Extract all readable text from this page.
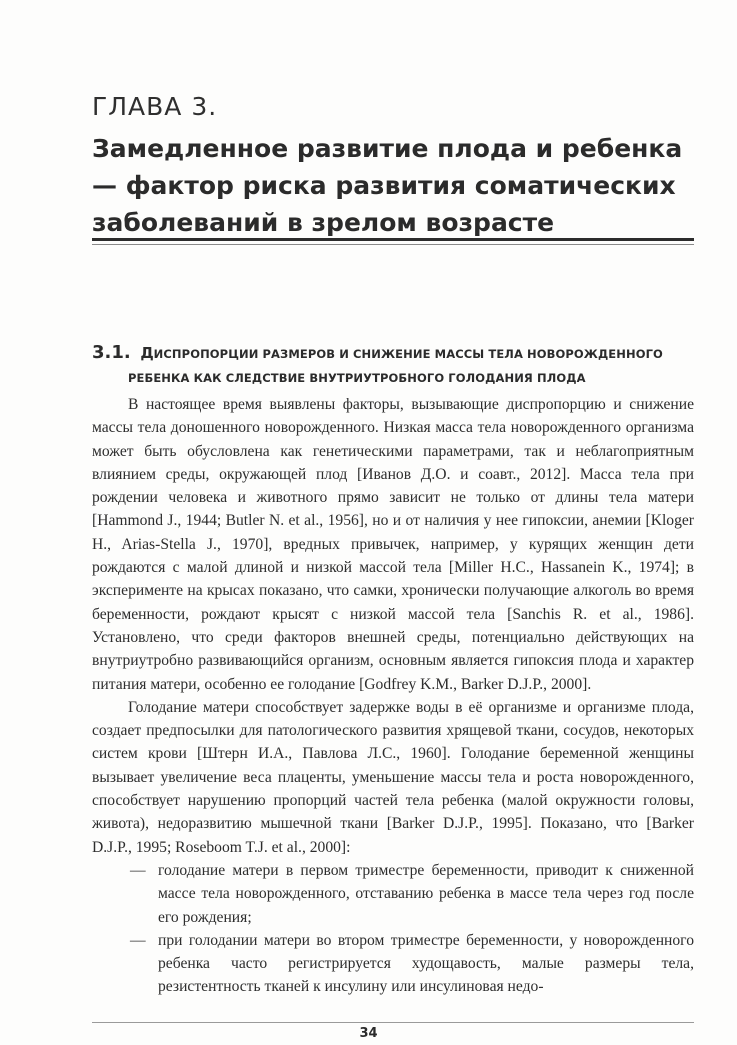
ГЛАВА 3.
Замедленное развитие плода и ребенка — фактор риска развития соматических заболеваний в зрелом возрасте
3.1. ДИСПРОПОРЦИИ РАЗМЕРОВ И СНИЖЕНИЕ МАССЫ ТЕЛА НОВОРОЖДЕННОГО
РЕБЕНКА КАК СЛЕДСТВИЕ ВНУТРИУТРОБНОГО ГОЛОДАНИЯ ПЛОДА

В настоящее время выявлены факторы, вызывающие диспропорцию и снижение массы тела доношенного новорожденного. Низкая масса тела новорожденного организма может быть обусловлена как генетическими параметрами, так и неблагоприятным влиянием среды, окружающей плод [Иванов Д.О. и соавт., 2012]. Масса тела при рождении человека и животного прямо зависит не только от длины тела матери [Hammond J., 1944; Butler N. et al., 1956], но и от наличия у нее гипоксии, анемии [Kloger H., Arias-Stella J., 1970], вредных привычек, например, у курящих женщин дети рождаются с малой длиной и низкой массой тела [Miller H.C., Hassanein K., 1974]; в эксперименте на крысах показано, что самки, хронически получающие алкоголь во время беременности, рождают крысят с низкой массой тела [Sanchis R. et al., 1986]. Установлено, что среди факторов внешней среды, потенциально действующих на внутриутробно развивающийся организм, основным является гипоксия плода и характер питания матери, особенно ее голодание [Godfrey K.M., Barker D.J.P., 2000].

Голодание матери способствует задержке воды в её организме и организме плода, создает предпосылки для патологического развития хрящевой ткани, сосудов, некоторых систем крови [Штерн И.А., Павлова Л.С., 1960]. Голодание беременной женщины вызывает увеличение веса плаценты, уменьшение массы тела и роста новорожденного, способствует нарушению пропорций частей тела ребенка (малой окружности головы, живота), недоразвитию мышечной ткани [Barker D.J.P., 1995]. Показано, что [Barker D.J.P., 1995; Roseboom T.J. et al., 2000]:

— голодание матери в первом триместре беременности, приводит к сниженной массе тела новорожденного, отставанию ребенка в массе тела через год после его рождения;
— при голодании матери во втором триместре беременности, у новорожденного ребенка часто регистрируется худощавость, малые размеры тела, резистентность тканей к инсулину или инсулиновая недо-
34
